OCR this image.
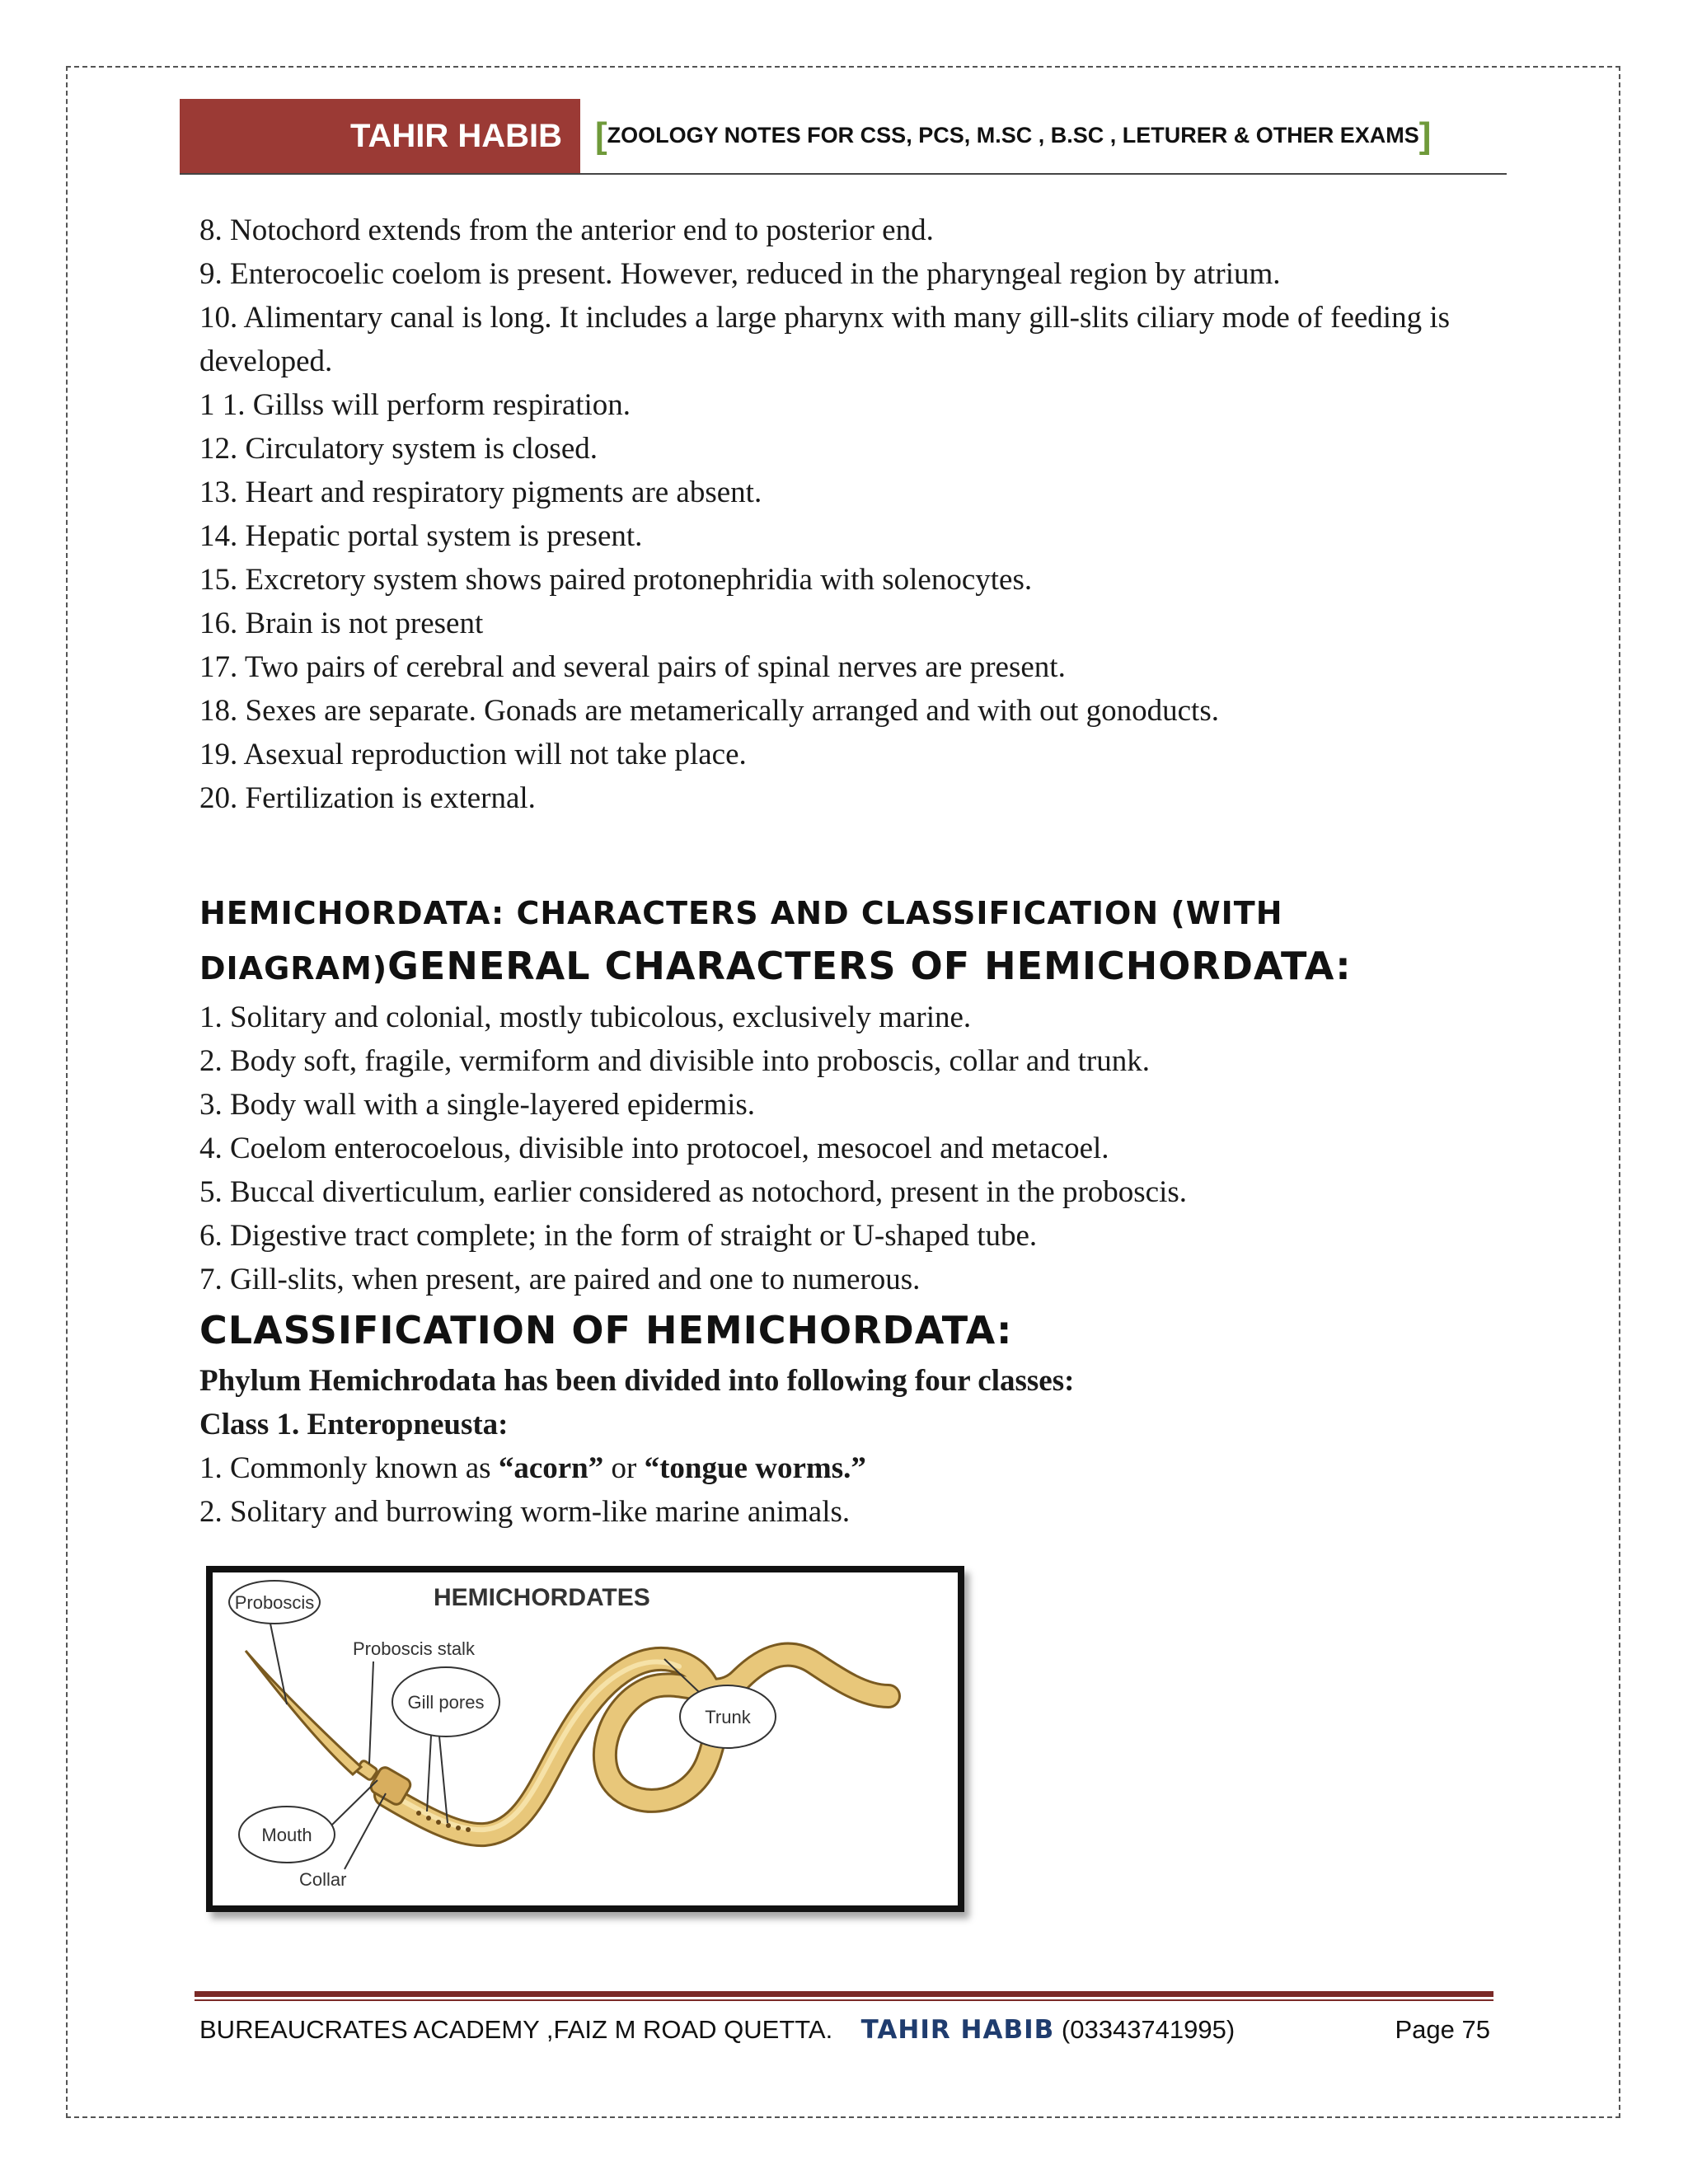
TAHIR HABIB [ZOOLOGY NOTES FOR CSS, PCS, M.SC , B.SC , LETURER & OTHER EXAMS]

8. Notochord extends from the anterior end to posterior end.

9. Enterocoelic coelom is present. However, reduced in the pharyngeal region by atrium.

10. Alimentary canal is long. It includes a large pharynx with many gill-slits ciliary mode of feeding is developed.

1 1. Gillss will perform respiration.

12. Circulatory system is closed.

13. Heart and respiratory pigments are absent.

14. Hepatic portal system is present.

15. Excretory system shows paired protonephridia with solenocytes.

16. Brain is not present

17. Two pairs of cerebral and several pairs of spinal nerves are present.

18. Sexes are separate. Gonads are metamerically arranged and with out gonoducts.

19. Asexual reproduction will not take place.

20. Fertilization is external.

HEMICHORDATA: CHARACTERS AND CLASSIFICATION (WITH

DIAGRAM)GENERAL CHARACTERS OF HEMICHORDATA:

1. Solitary and colonial, mostly tubicolous, exclusively marine.

2. Body soft, fragile, vermiform and divisible into proboscis, collar and trunk.

3. Body wall with a single-layered epidermis.

4. Coelom enterocoelous, divisible into protocoel, mesocoel and metacoel.

5. Buccal diverticulum, earlier considered as notochord, present in the proboscis.

6. Digestive tract complete; in the form of straight or U-shaped tube.

7. Gill-slits, when present, are paired and one to numerous.

CLASSIFICATION OF HEMICHORDATA:

Phylum Hemichrodata has been divided into following four classes:

Class 1. Enteropneusta:

1. Commonly known as “acorn” or “tongue worms.”

2. Solitary and burrowing worm-like marine animals.

HEMICHORDATES
Proboscis
Proboscis stalk
Gill pores
Trunk
Mouth
Collar
BUREAUCRATES ACADEMY ,FAIZ M ROAD QUETTA. TAHIR HABIB (03343741995)	Page 75
